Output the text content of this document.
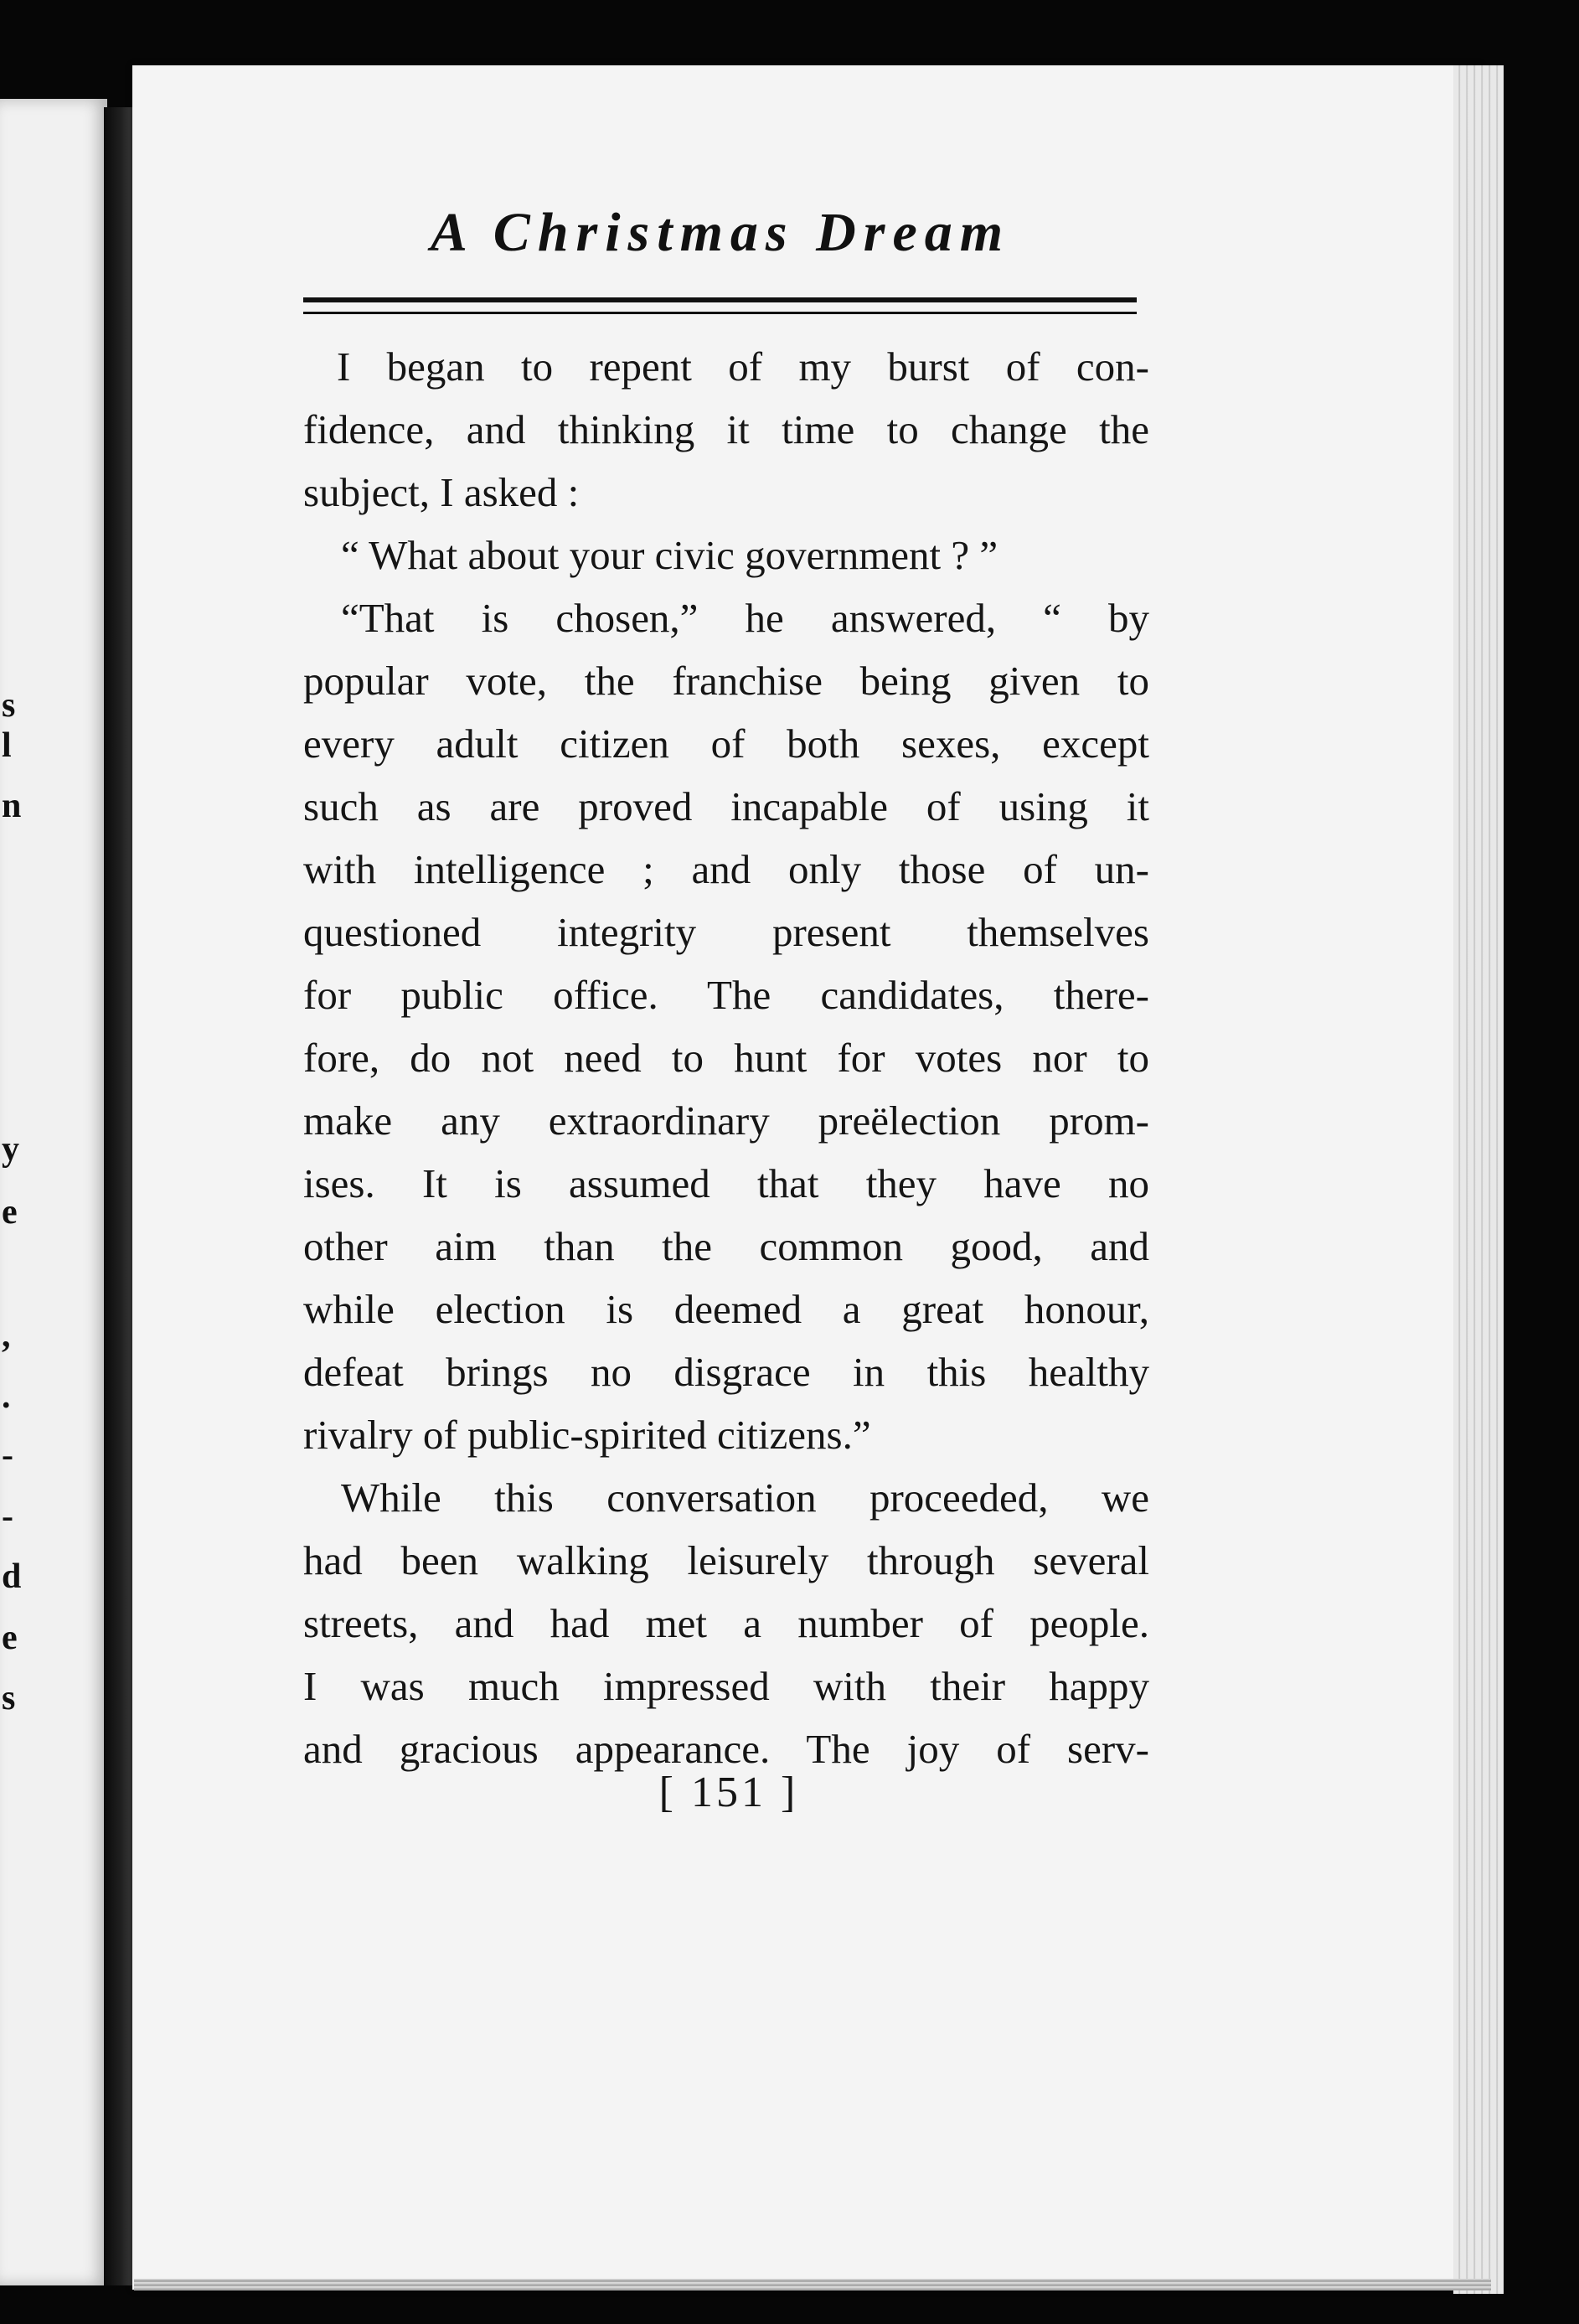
s
l
n
y
e
,
.
-
-
d
e
s
A Christmas Dream
I began to repent of my burst of con-
fidence, and thinking it time to change the
subject, I asked :
“ What about your civic government ? ”
“That is chosen,” he answered, “ by
popular vote, the franchise being given to
every adult citizen of both sexes, except
such as are proved incapable of using it
with intelligence ; and only those of un-
questioned integrity present themselves
for public office. The candidates, there-
fore, do not need to hunt for votes nor to
make any extraordinary preëlection prom-
ises. It is assumed that they have no
other aim than the common good, and
while election is deemed a great honour,
defeat brings no disgrace in this healthy
rivalry of public-spirited citizens.”
While this conversation proceeded, we
had been walking leisurely through several
streets, and had met a number of people.
I was much impressed with their happy
and gracious appearance. The joy of serv-
[ 151 ]
